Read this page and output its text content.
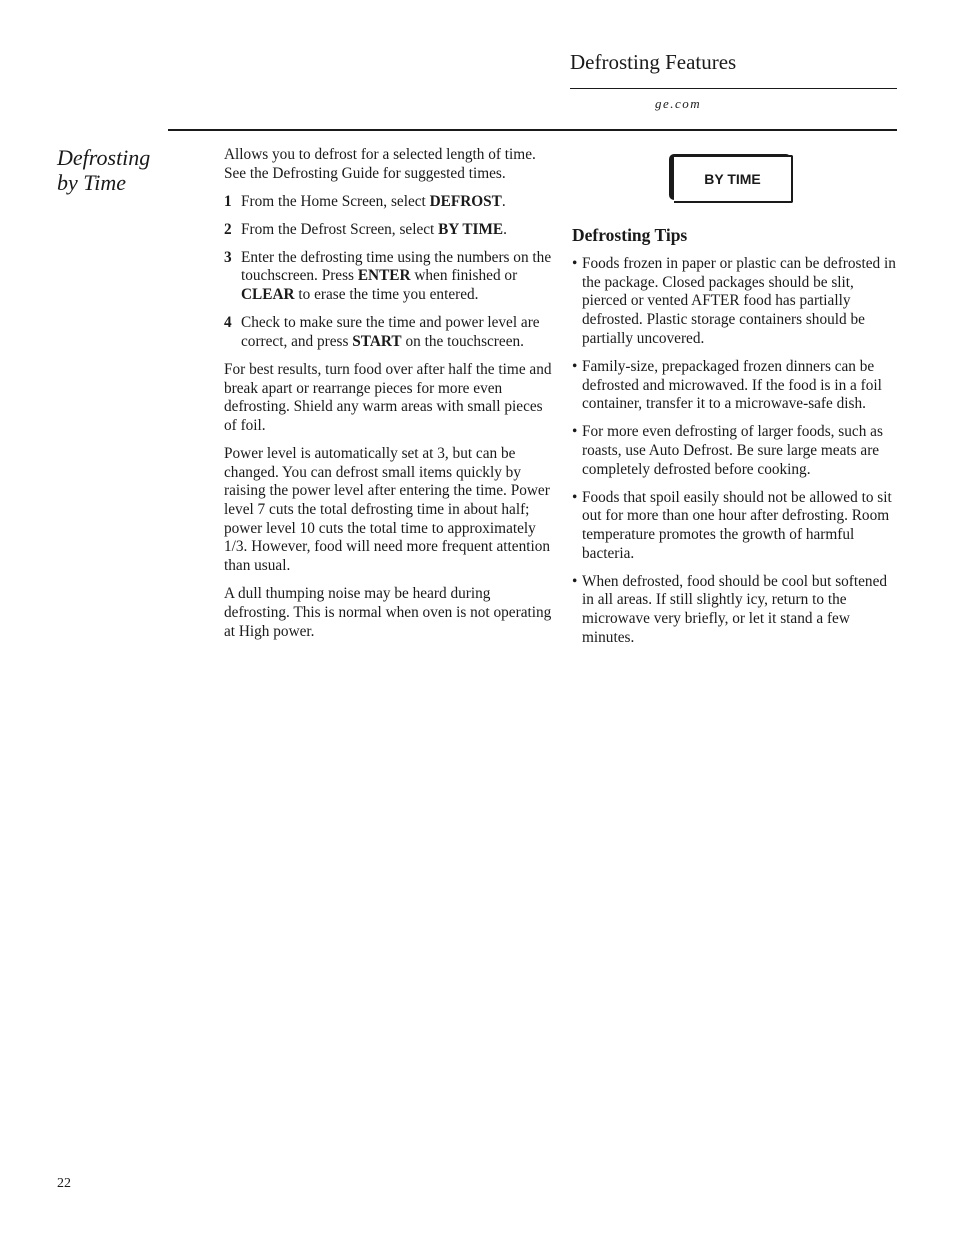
Defrosting Features
ge.com
Defrosting
by Time

Allows you to defrost for a selected length of time. See the Defrosting Guide for suggested times.

1 From the Home Screen, select DEFROST.
2 From the Defrost Screen, select BY TIME.
3 Enter the defrosting time using the numbers on the touchscreen. Press ENTER when finished or CLEAR to erase the time you entered.
4 Check to make sure the time and power level are correct, and press START on the touchscreen.

For best results, turn food over after half the time and break apart or rearrange pieces for more even defrosting. Shield any warm areas with small pieces of foil.

Power level is automatically set at 3, but can be changed. You can defrost small items quickly by raising the power level after entering the time. Power level 7 cuts the total defrosting time in about half; power level 10 cuts the total time to approximately 1/3. However, food will need more frequent attention than usual.

A dull thumping noise may be heard during defrosting. This is normal when oven is not operating at High power.

BY TIME
Defrosting Tips
• Foods frozen in paper or plastic can be defrosted in the package. Closed packages should be slit, pierced or vented AFTER food has partially defrosted. Plastic storage containers should be partially uncovered.
• Family-size, prepackaged frozen dinners can be defrosted and microwaved. If the food is in a foil container, transfer it to a microwave-safe dish.
• For more even defrosting of larger foods, such as roasts, use Auto Defrost. Be sure large meats are completely defrosted before cooking.
• Foods that spoil easily should not be allowed to sit out for more than one hour after defrosting. Room temperature promotes the growth of harmful bacteria.
• When defrosted, food should be cool but softened in all areas. If still slightly icy, return to the microwave very briefly, or let it stand a few minutes.
22
